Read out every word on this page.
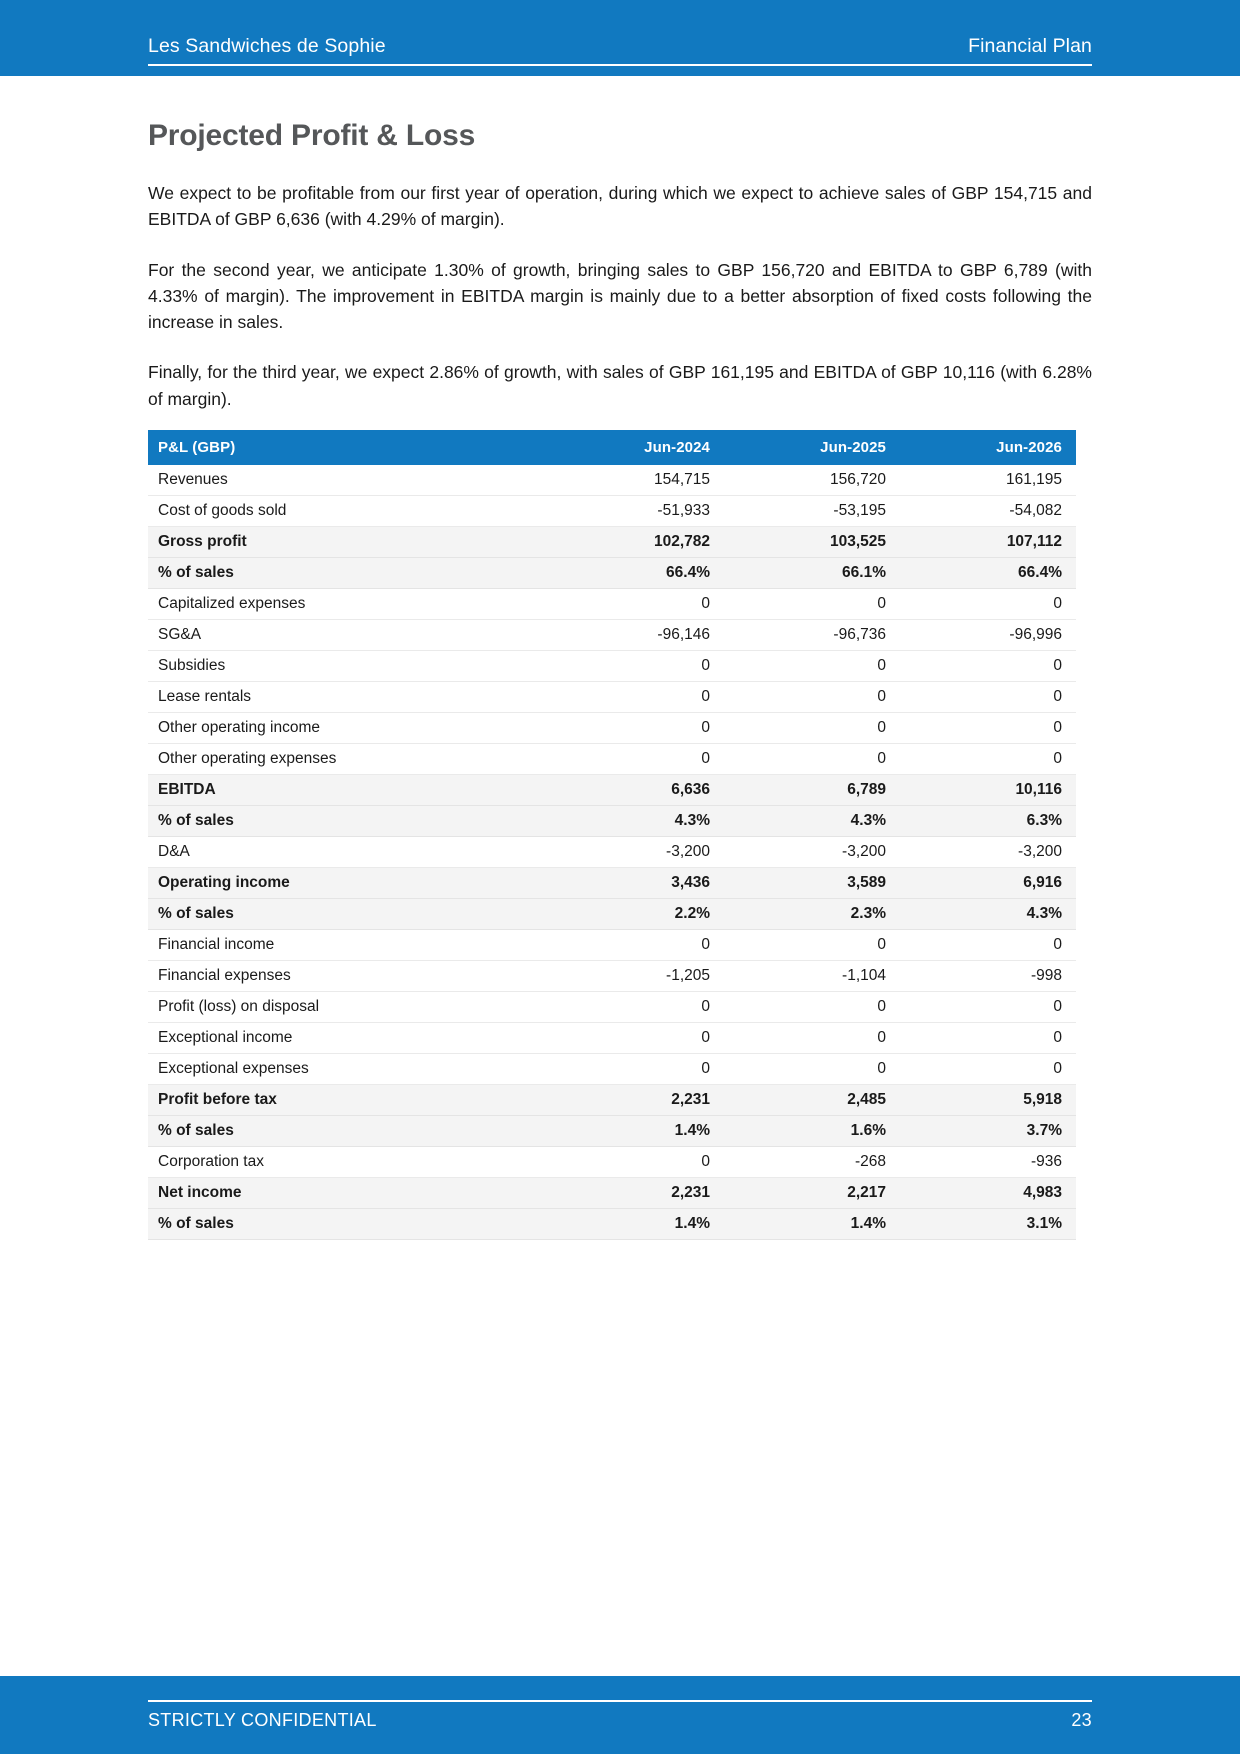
Les Sandwiches de Sophie	Financial Plan
Projected Profit & Loss

We expect to be profitable from our first year of operation, during which we expect to achieve sales of GBP 154,715 and EBITDA of GBP 6,636 (with 4.29% of margin).

For the second year, we anticipate 1.30% of growth, bringing sales to GBP 156,720 and EBITDA to GBP 6,789 (with 4.33% of margin). The improvement in EBITDA margin is mainly due to a better absorption of fixed costs following the increase in sales.

Finally, for the third year, we expect 2.86% of growth, with sales of GBP 161,195 and EBITDA of GBP 10,116 (with 6.28% of margin).

P&L (GBP)	Jun-2024	Jun-2025	Jun-2026
Revenues	154,715	156,720	161,195
Cost of goods sold	-51,933	-53,195	-54,082
Gross profit	102,782	103,525	107,112
% of sales	66.4%	66.1%	66.4%
Capitalized expenses	0	0	0
SG&A	-96,146	-96,736	-96,996
Subsidies	0	0	0
Lease rentals	0	0	0
Other operating income	0	0	0
Other operating expenses	0	0	0
EBITDA	6,636	6,789	10,116
% of sales	4.3%	4.3%	6.3%
D&A	-3,200	-3,200	-3,200
Operating income	3,436	3,589	6,916
% of sales	2.2%	2.3%	4.3%
Financial income	0	0	0
Financial expenses	-1,205	-1,104	-998
Profit (loss) on disposal	0	0	0
Exceptional income	0	0	0
Exceptional expenses	0	0	0
Profit before tax	2,231	2,485	5,918
% of sales	1.4%	1.6%	3.7%
Corporation tax	0	-268	-936
Net income	2,231	2,217	4,983
% of sales	1.4%	1.4%	3.1%
STRICTLY CONFIDENTIAL	23
